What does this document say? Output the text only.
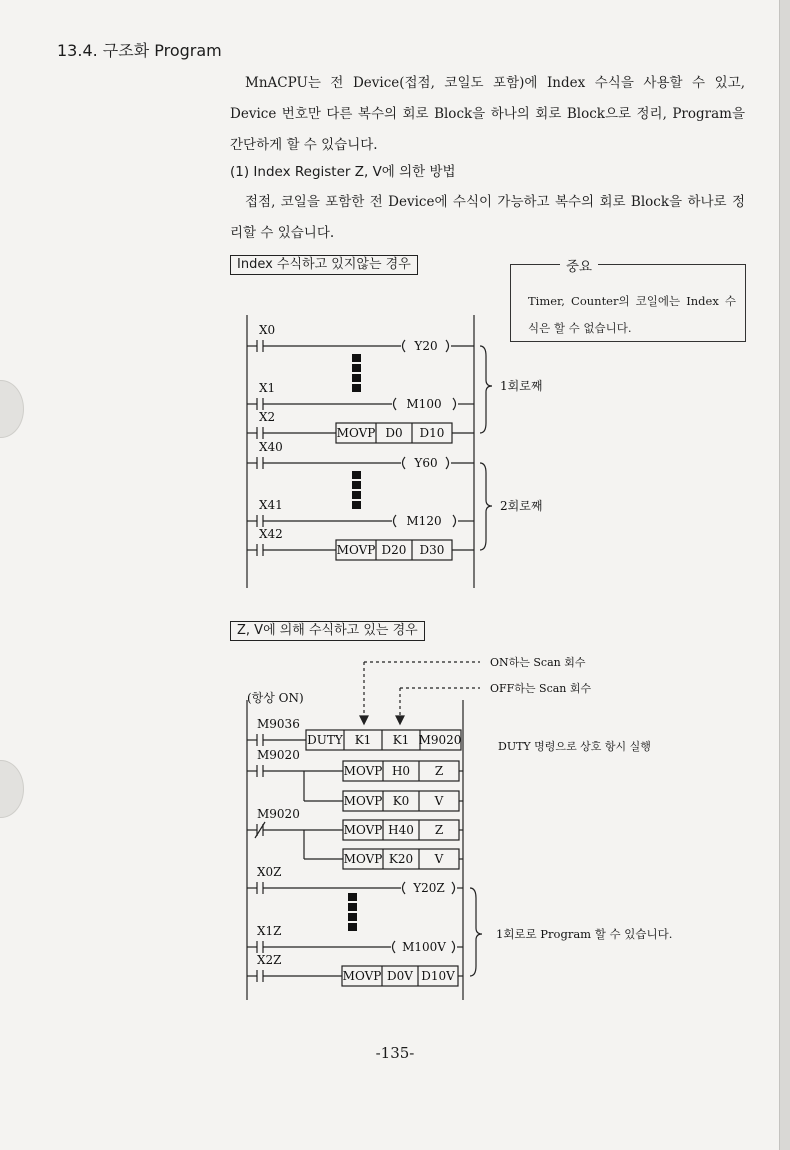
13.4. 구조화 Program

MnACPU는 전 Device(접점, 코일도 포함)에 Index 수식을 사용할 수 있고, Device 번호만 다른 복수의 회로 Block을 하나의 회로 Block으로 정리, Program을 간단하게 할 수 있습니다.

(1) Index Register Z, V에 의한 방법

접점, 코일을 포함한 전 Device에 수식이 가능하고 복수의 회로 Block을 하나로 정리할 수 있습니다.

중요

Timer, Counter의 코일에는 Index 수식은 할 수 없습니다.

Index 수식하고 있지않는 경우
Z, V에 의해 수식하고 있는 경우
X0
X1
X2
X40
X41
X42
Y20
M100
Y60
M120
MOVP D0 D10
MOVP D20 D30
1회로째
2회로째
ON하는 Scan 회수
OFF하는 Scan 회수
(항상 ON)
M9036
M9020
M9020
X0Z
X1Z
X2Z
DUTY K1 K1 M9020	DUTY 명령으로 상호 항시 실행
MOVP H0 Z
MOVP K0 V
MOVP H40 Z
MOVP K20 V
Y20Z
M100V
MOVP D0V D10V
1회로로 Program 할 수 있습니다.
-135-
